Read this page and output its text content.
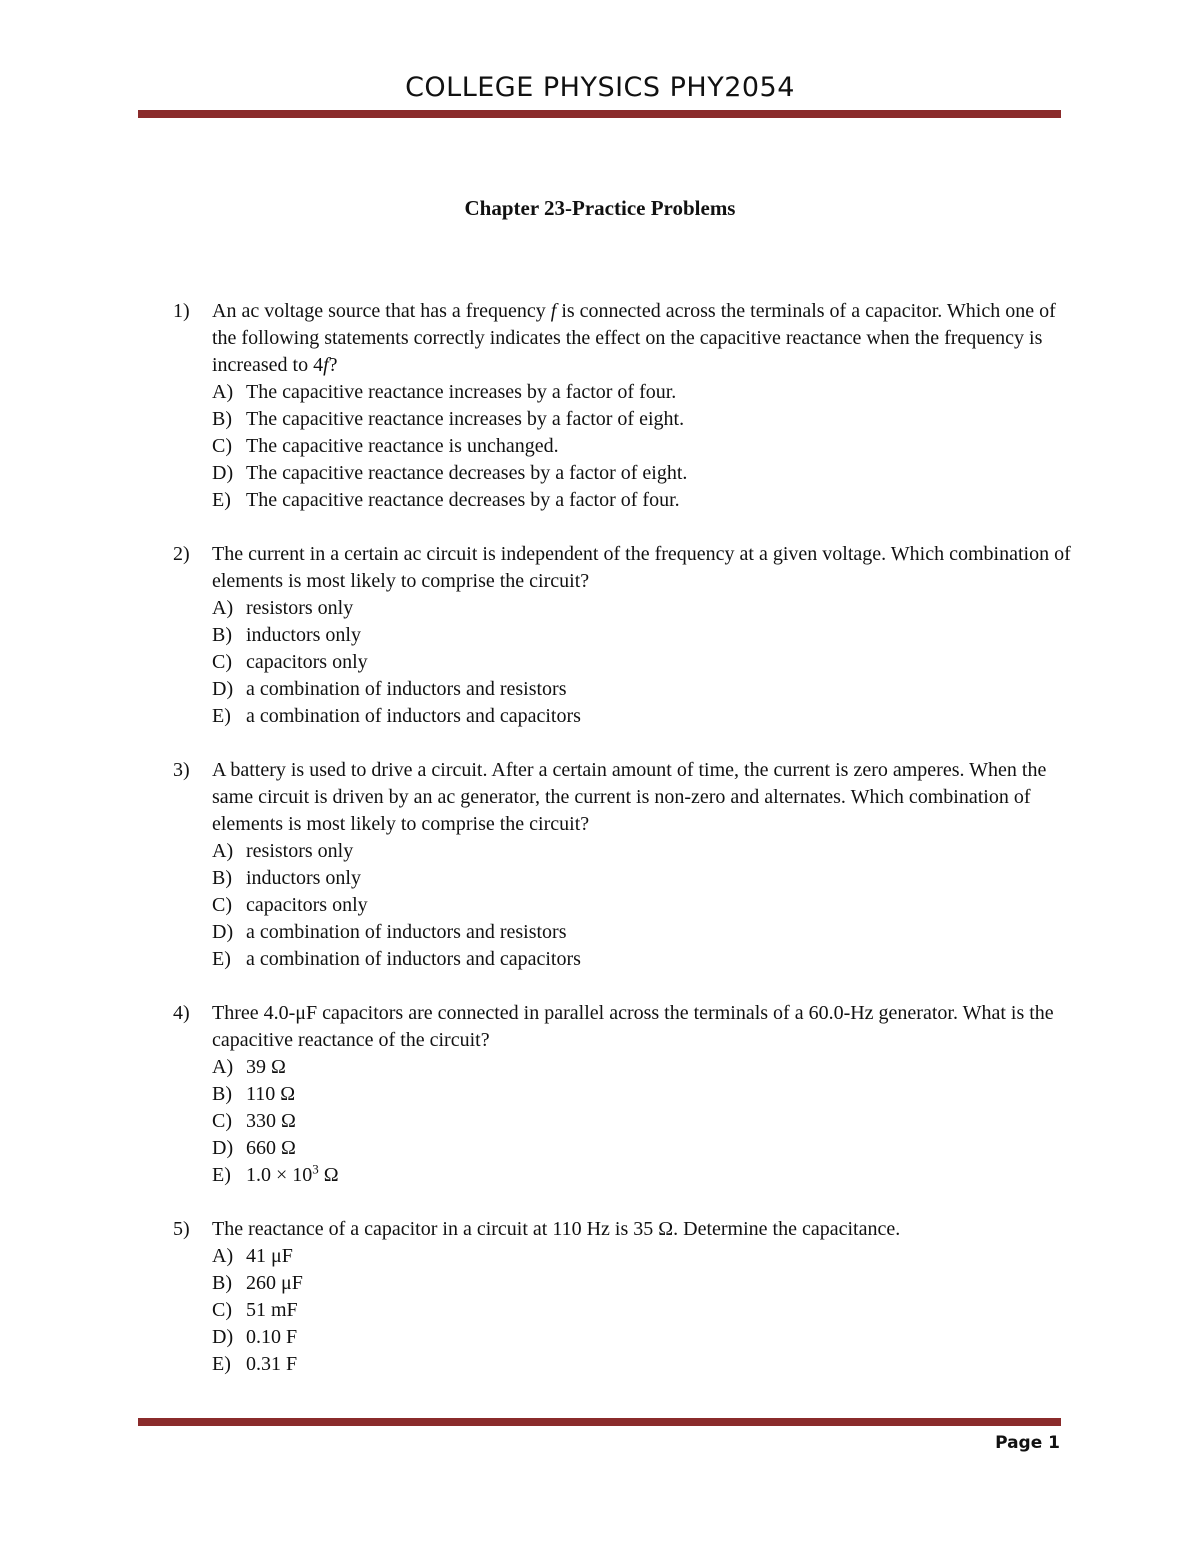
COLLEGE PHYSICS PHY2054
Chapter 23-Practice Problems
1) An ac voltage source that has a frequency f is connected across the terminals of a capacitor. Which one of the following statements correctly indicates the effect on the capacitive reactance when the frequency is increased to 4f?
A) The capacitive reactance increases by a factor of four.
B) The capacitive reactance increases by a factor of eight.
C) The capacitive reactance is unchanged.
D) The capacitive reactance decreases by a factor of eight.
E) The capacitive reactance decreases by a factor of four.
2) The current in a certain ac circuit is independent of the frequency at a given voltage. Which combination of elements is most likely to comprise the circuit?
A) resistors only
B) inductors only
C) capacitors only
D) a combination of inductors and resistors
E) a combination of inductors and capacitors
3) A battery is used to drive a circuit. After a certain amount of time, the current is zero amperes. When the same circuit is driven by an ac generator, the current is non-zero and alternates. Which combination of elements is most likely to comprise the circuit?
A) resistors only
B) inductors only
C) capacitors only
D) a combination of inductors and resistors
E) a combination of inductors and capacitors
4) Three 4.0-μF capacitors are connected in parallel across the terminals of a 60.0-Hz generator. What is the capacitive reactance of the circuit?
A) 39 Ω
B) 110 Ω
C) 330 Ω
D) 660 Ω
E) $1.0 \times 10^3$ Ω
5) The reactance of a capacitor in a circuit at 110 Hz is 35 Ω. Determine the capacitance.
A) 41 μF
B) 260 μF
C) 51 mF
D) 0.10 F
E) 0.31 F
Page 1
